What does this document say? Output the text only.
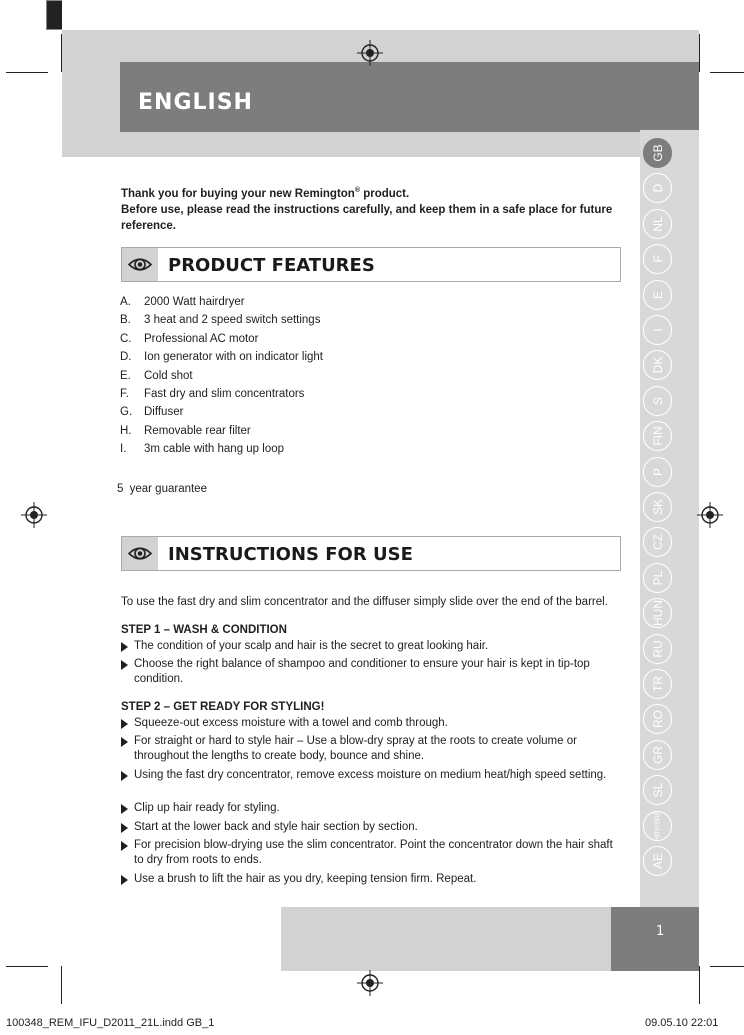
ENGLISH
1
GB
D
NL
F
E
I
DK
S
FIN
P
SK
CZ
PL
HUN
RU
TR
RO
GR
SL
HRV/SRB
AE
Thank you for buying your new Remington® product.
Before use, please read the instructions carefully, and keep them in a safe place for future reference.
PRODUCT FEATURES
A. 2000 Watt hairdryer
B. 3 heat and 2 speed switch settings
C. Professional AC motor
D. Ion generator with on indicator light
E. Cold shot
F. Fast dry and slim concentrators
G. Diffuser
H. Removable rear filter
I. 3m cable with hang up loop
5 year guarantee
INSTRUCTIONS FOR USE
To use the fast dry and slim concentrator and the diffuser simply slide over the end of the barrel.
STEP 1 – WASH & CONDITION
The condition of your scalp and hair is the secret to great looking hair.
Choose the right balance of shampoo and conditioner to ensure your hair is kept in tip-top condition.
STEP 2 – GET READY FOR STYLING!
Squeeze-out excess moisture with a towel and comb through.
For straight or hard to style hair – Use a blow-dry spray at the roots to create volume or throughout the lengths to create body, bounce and shine.
Using the fast dry concentrator, remove excess moisture on medium heat/high speed setting.
Clip up hair ready for styling.
Start at the lower back and style hair section by section.
For precision blow-drying use the slim concentrator. Point the concentrator down the hair shaft to dry from roots to ends.
Use a brush to lift the hair as you dry, keeping tension firm. Repeat.
100348_REM_IFU_D2011_21L.indd GB_1	09.05.10 22:01
